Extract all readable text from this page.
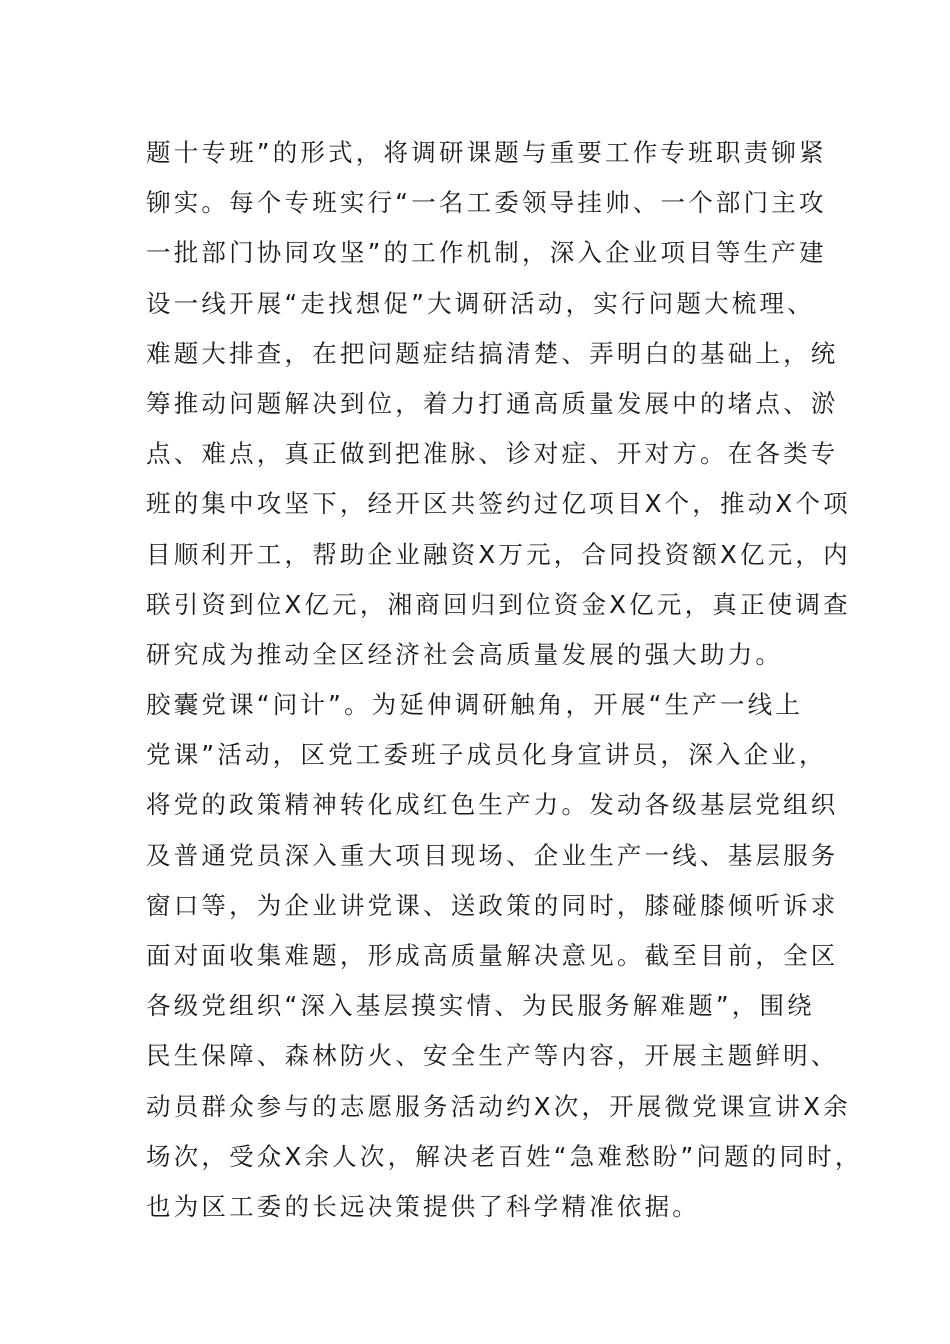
题十专班”的形式，将调研课题与重要工作专班职责铆紧
铆实。每个专班实行“一名工委领导挂帅、一个部门主攻
一批部门协同攻坚”的工作机制，深入企业项目等生产建
设一线开展“走找想促”大调研活动，实行问题大梳理、
难题大排查，在把问题症结搞清楚、弄明白的基础上，统
筹推动问题解决到位，着力打通高质量发展中的堵点、淤
点、难点，真正做到把准脉、诊对症、开对方。在各类专
班的集中攻坚下，经开区共签约过亿项目X个，推动X个项
目顺利开工，帮助企业融资X万元，合同投资额X亿元，内
联引资到位X亿元，湘商回归到位资金X亿元，真正使调查
研究成为推动全区经济社会高质量发展的强大助力。
胶囊党课“问计”。为延伸调研触角，开展“生产一线上
党课”活动，区党工委班子成员化身宣讲员，深入企业，
将党的政策精神转化成红色生产力。发动各级基层党组织
及普通党员深入重大项目现场、企业生产一线、基层服务
窗口等，为企业讲党课、送政策的同时，膝碰膝倾听诉求
面对面收集难题，形成高质量解决意见。截至目前，全区
各级党组织“深入基层摸实情、为民服务解难题”，围绕
民生保障、森林防火、安全生产等内容，开展主题鲜明、
动员群众参与的志愿服务活动约X次，开展微党课宣讲X余
场次，受众X余人次，解决老百姓“急难愁盼”问题的同时，
也为区工委的长远决策提供了科学精准依据。
